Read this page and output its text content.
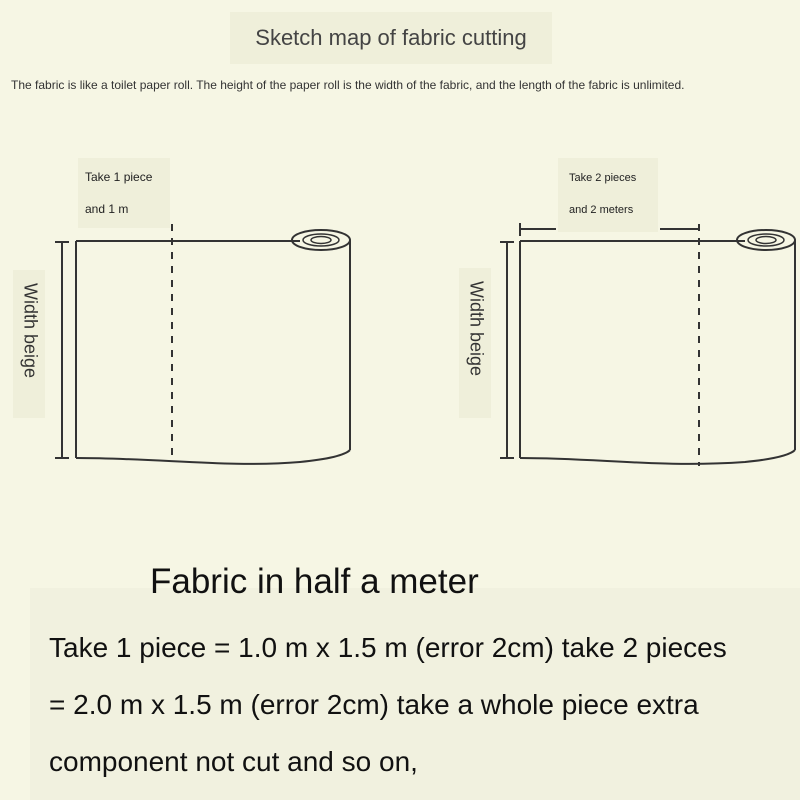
Sketch map of fabric cutting
The fabric is like a toilet paper roll. The height of the paper roll is the width of the fabric, and the length of the fabric is unlimited.
Take 1 piece
and 1 m
Take 2 pieces
and 2 meters
Width beige	Width beige
Fabric in half a meter
Take 1 piece = 1.0 m x 1.5 m (error 2cm) take 2 pieces
= 2.0 m x 1.5 m (error 2cm) take a whole piece extra
component not cut and so on,
